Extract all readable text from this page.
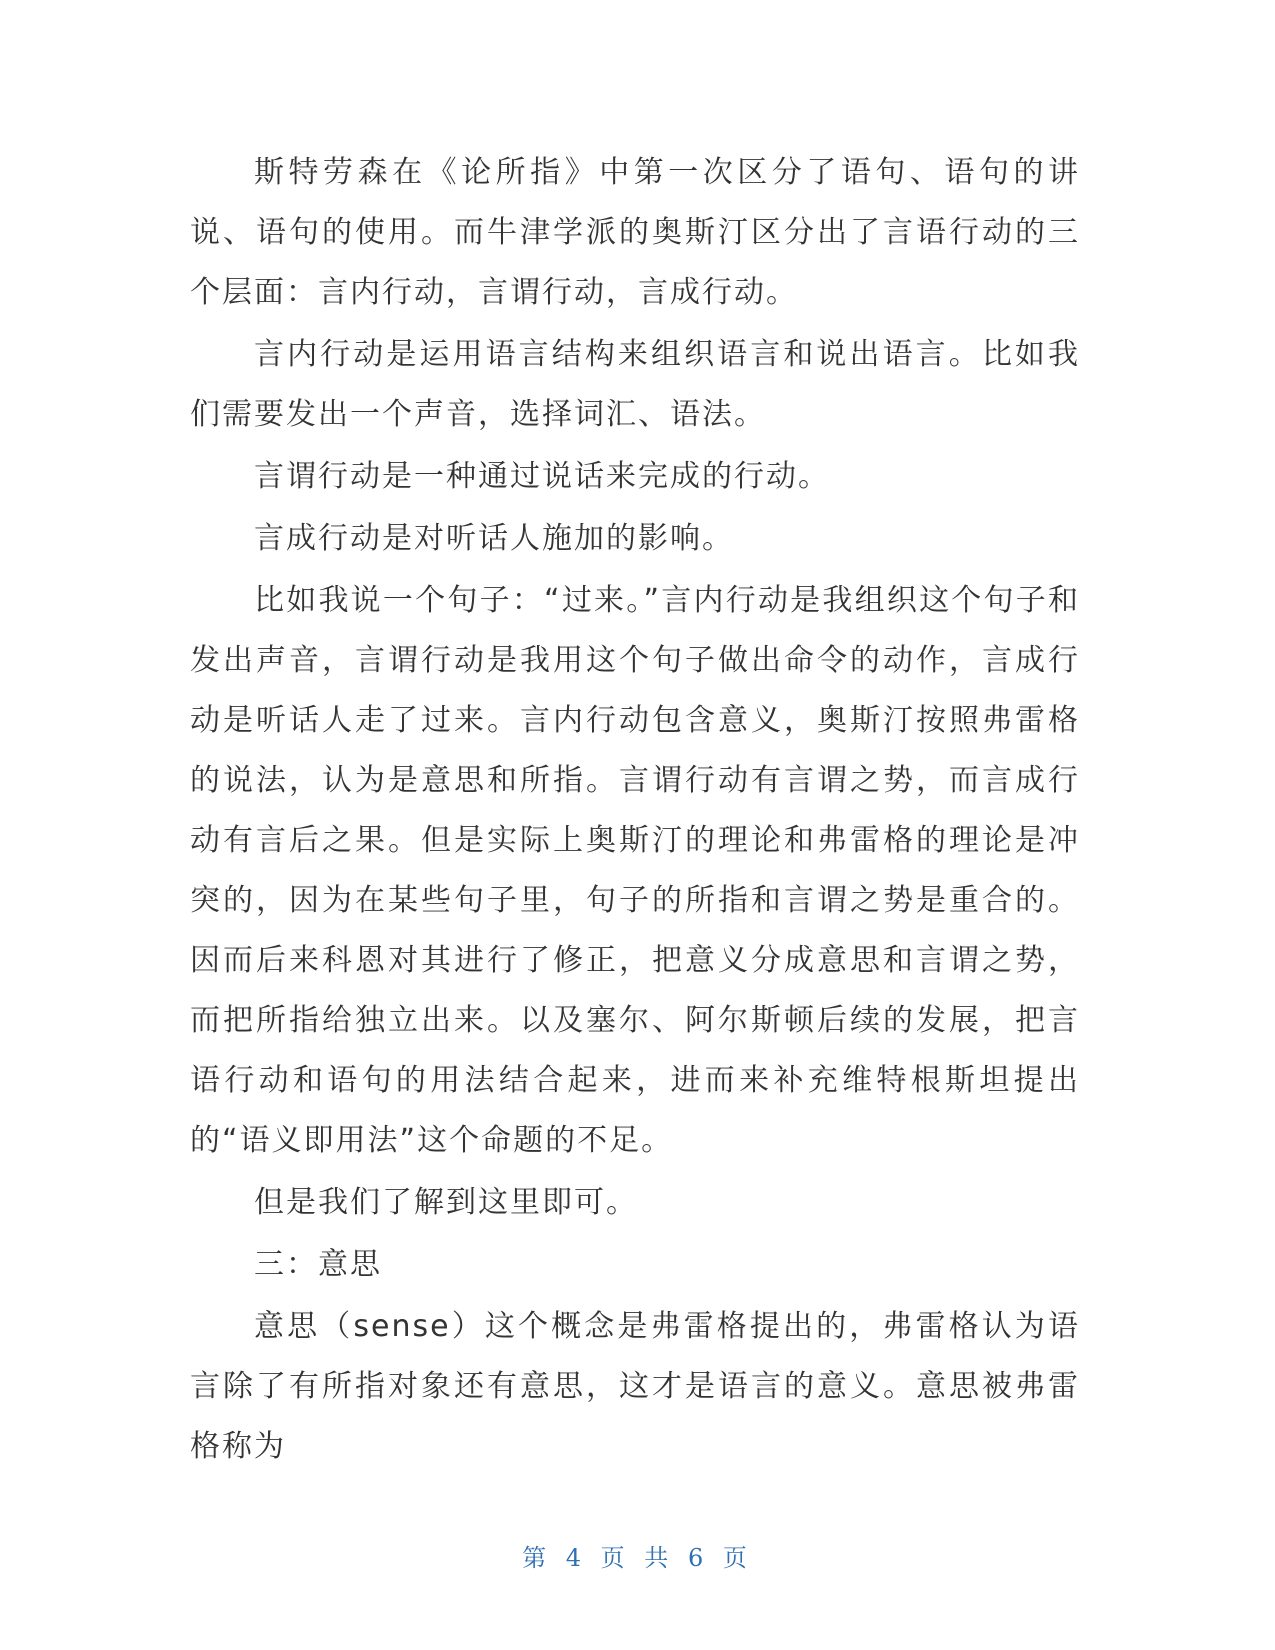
斯特劳森在《论所指》中第一次区分了语句、语句的讲说、语句的使用。而牛津学派的奥斯汀区分出了言语行动的三个层面：言内行动，言谓行动，言成行动。

言内行动是运用语言结构来组织语言和说出语言。比如我们需要发出一个声音，选择词汇、语法。

言谓行动是一种通过说话来完成的行动。

言成行动是对听话人施加的影响。

比如我说一个句子：“过来。”言内行动是我组织这个句子和发出声音，言谓行动是我用这个句子做出命令的动作，言成行动是听话人走了过来。言内行动包含意义，奥斯汀按照弗雷格的说法，认为是意思和所指。言谓行动有言谓之势，而言成行动有言后之果。但是实际上奥斯汀的理论和弗雷格的理论是冲突的，因为在某些句子里，句子的所指和言谓之势是重合的。因而后来科恩对其进行了修正，把意义分成意思和言谓之势，而把所指给独立出来。以及塞尔、阿尔斯顿后续的发展，把言语行动和语句的用法结合起来，进而来补充维特根斯坦提出的“语义即用法”这个命题的不足。

但是我们了解到这里即可。

三：意思

意思（sense）这个概念是弗雷格提出的，弗雷格认为语言除了有所指对象还有意思，这才是语言的意义。意思被弗雷格称为

第 4 页 共 6 页
